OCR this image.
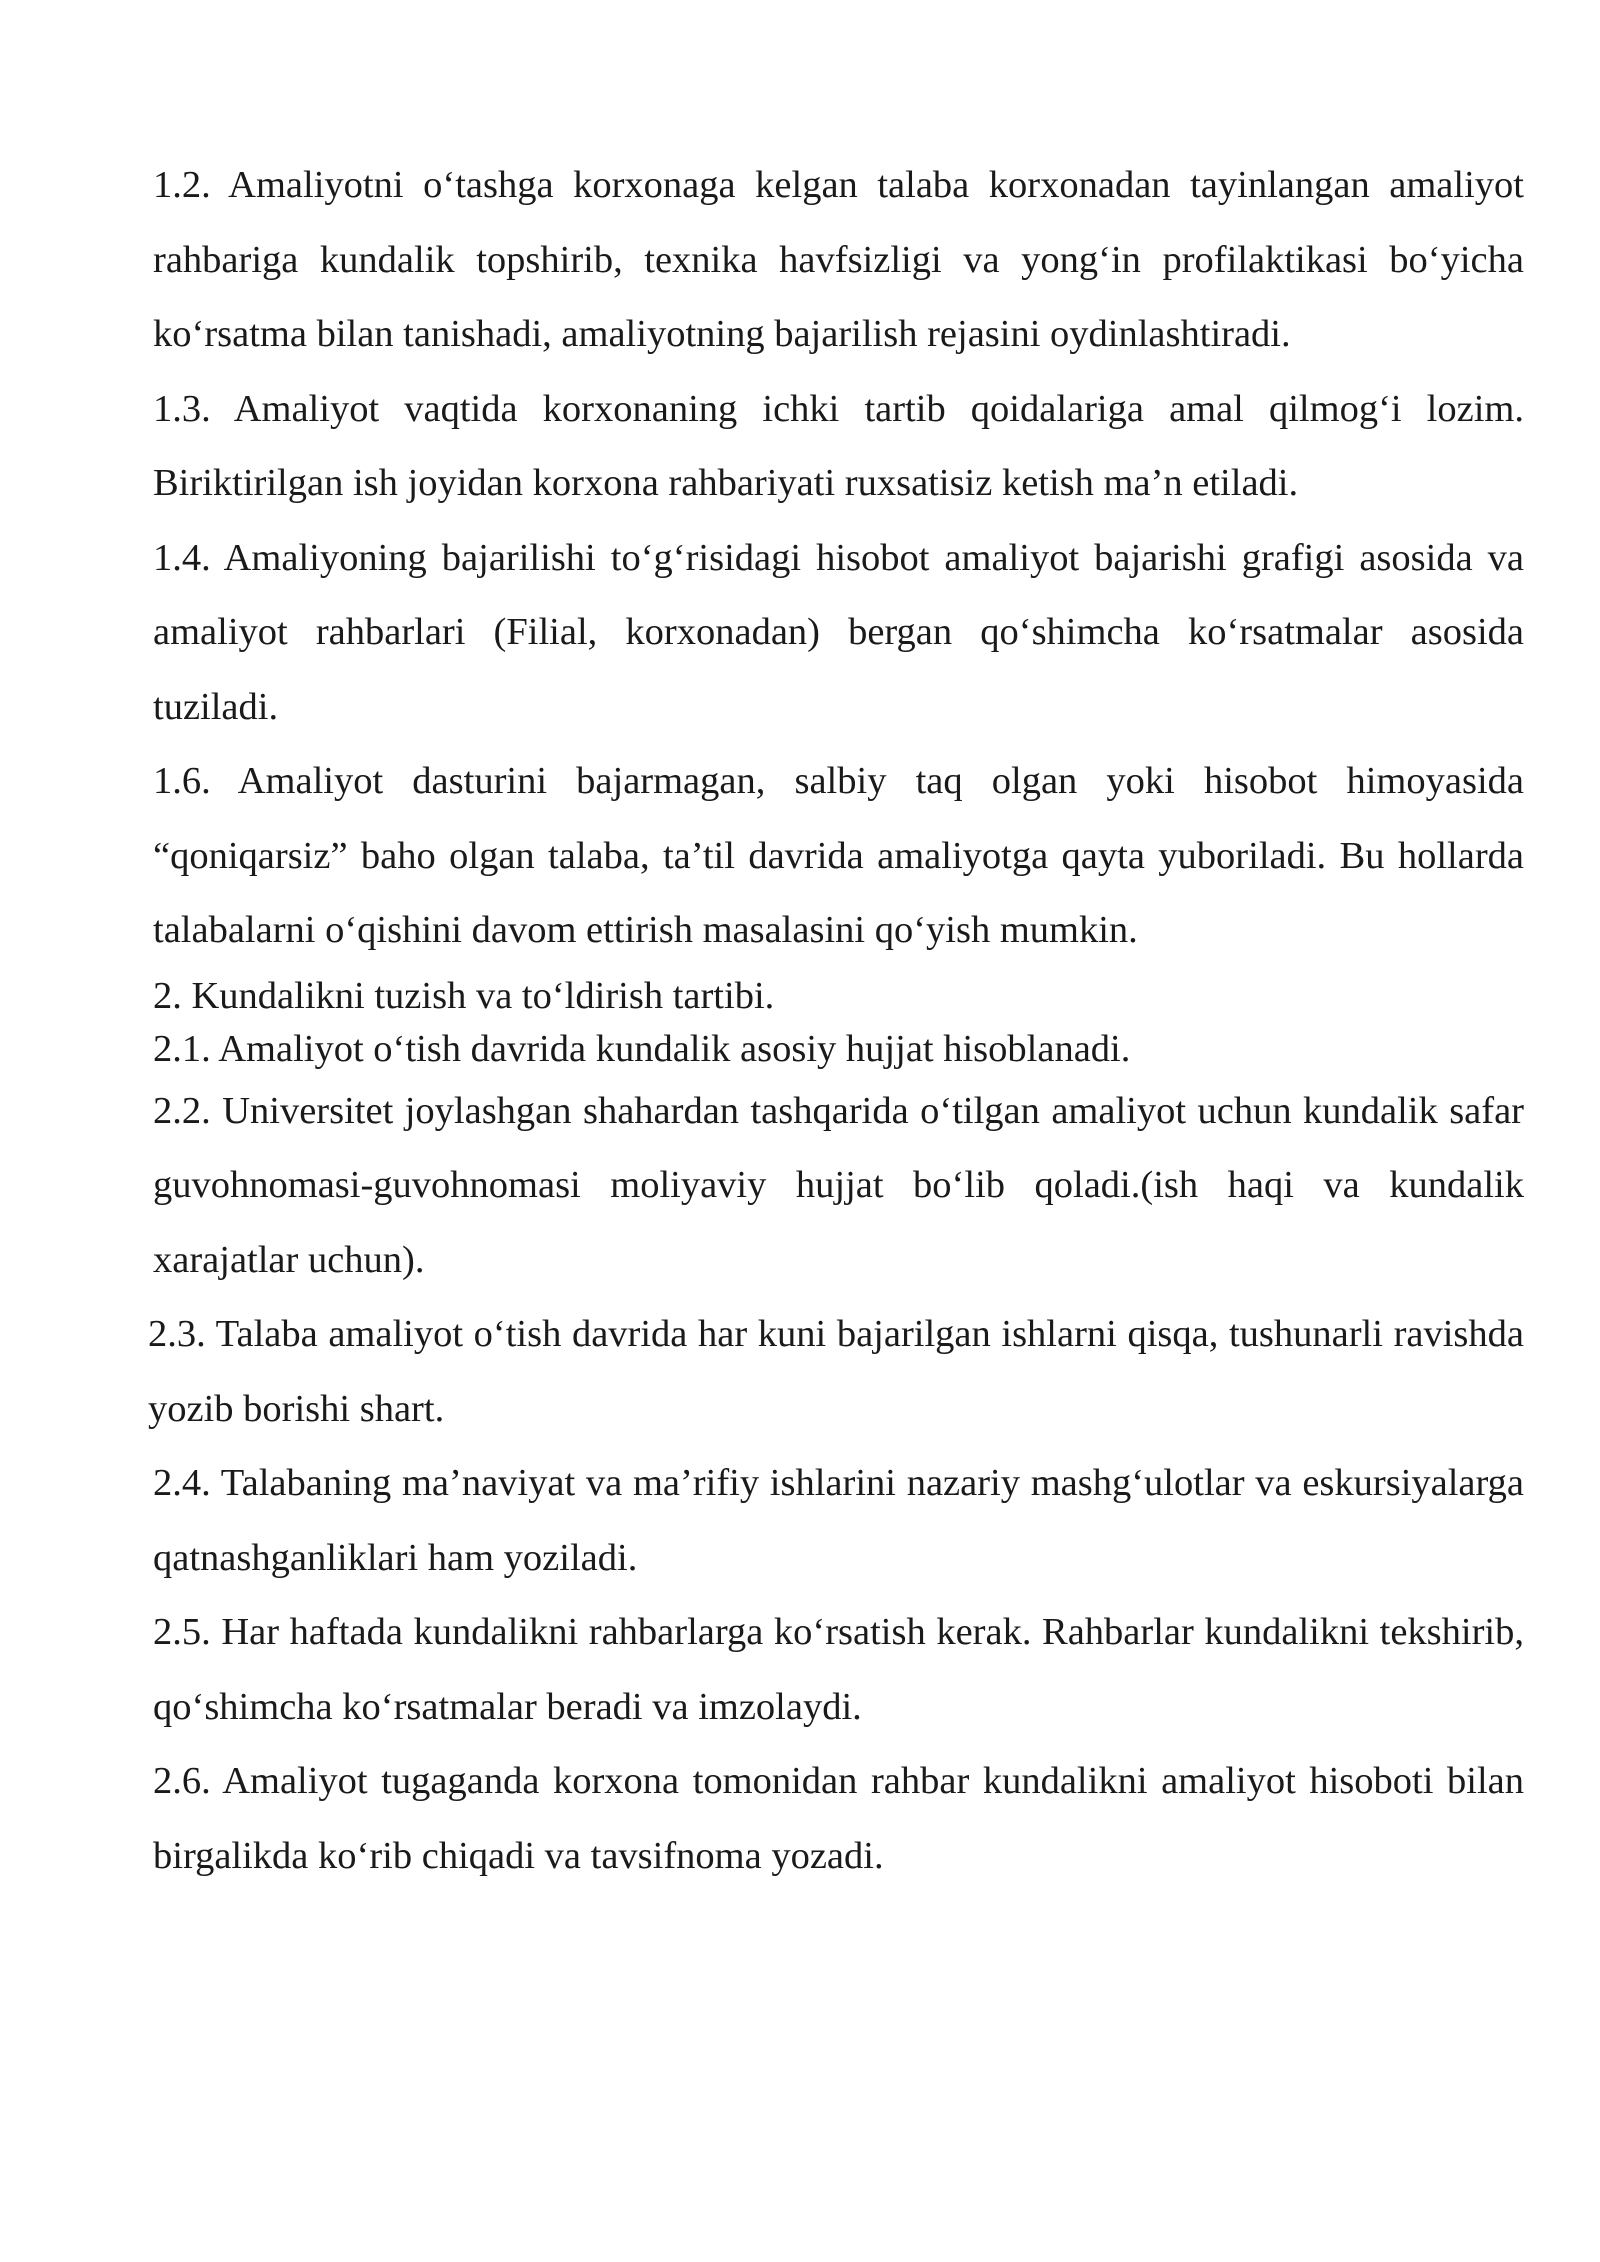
1.2. Amaliyotni o‘tashga korxonaga kelgan talaba korxonadan tayinlangan amaliyot rahbariga kundalik topshirib, texnika havfsizligi va yong‘in profilaktikasi bo‘yicha ko‘rsatma bilan tanishadi, amaliyotning bajarilish rejasini oydinlashtiradi.

1.3. Amaliyot vaqtida korxonaning ichki tartib qoidalariga amal qilmog‘i lozim. Biriktirilgan ish joyidan korxona rahbariyati ruxsatisiz ketish ma’n etiladi.

1.4. Amaliyoning bajarilishi to‘g‘risidagi hisobot amaliyot bajarishi grafigi asosida va amaliyot rahbarlari (Filial, korxonadan) bergan qo‘shimcha ko‘rsatmalar asosida tuziladi.

1.6. Amaliyot dasturini bajarmagan, salbiy taq olgan yoki hisobot himoyasida “qoniqarsiz” baho olgan talaba, ta’til davrida amaliyotga qayta yuboriladi. Bu hollarda talabalarni o‘qishini davom ettirish masalasini qo‘yish mumkin.

2. Kundalikni tuzish va to‘ldirish tartibi.

2.1. Amaliyot o‘tish davrida kundalik asosiy hujjat hisoblanadi.

2.2. Universitet joylashgan shahardan tashqarida o‘tilgan amaliyot uchun kundalik safar guvohnomasi-guvohnomasi moliyaviy hujjat bo‘lib qoladi.(ish haqi va kundalik xarajatlar uchun).

2.3. Talaba amaliyot o‘tish davrida har kuni bajarilgan ishlarni qisqa, tushunarli ravishda yozib borishi shart.

2.4. Talabaning ma’naviyat va ma’rifiy ishlarini nazariy mashg‘ulotlar va eskursiyalarga qatnashganliklari ham yoziladi.

2.5. Har haftada kundalikni rahbarlarga ko‘rsatish kerak. Rahbarlar kundalikni tekshirib, qo‘shimcha ko‘rsatmalar beradi va imzolaydi.

2.6. Amaliyot tugaganda korxona tomonidan rahbar kundalikni amaliyot hisoboti bilan birgalikda ko‘rib chiqadi va tavsifnoma yozadi.
